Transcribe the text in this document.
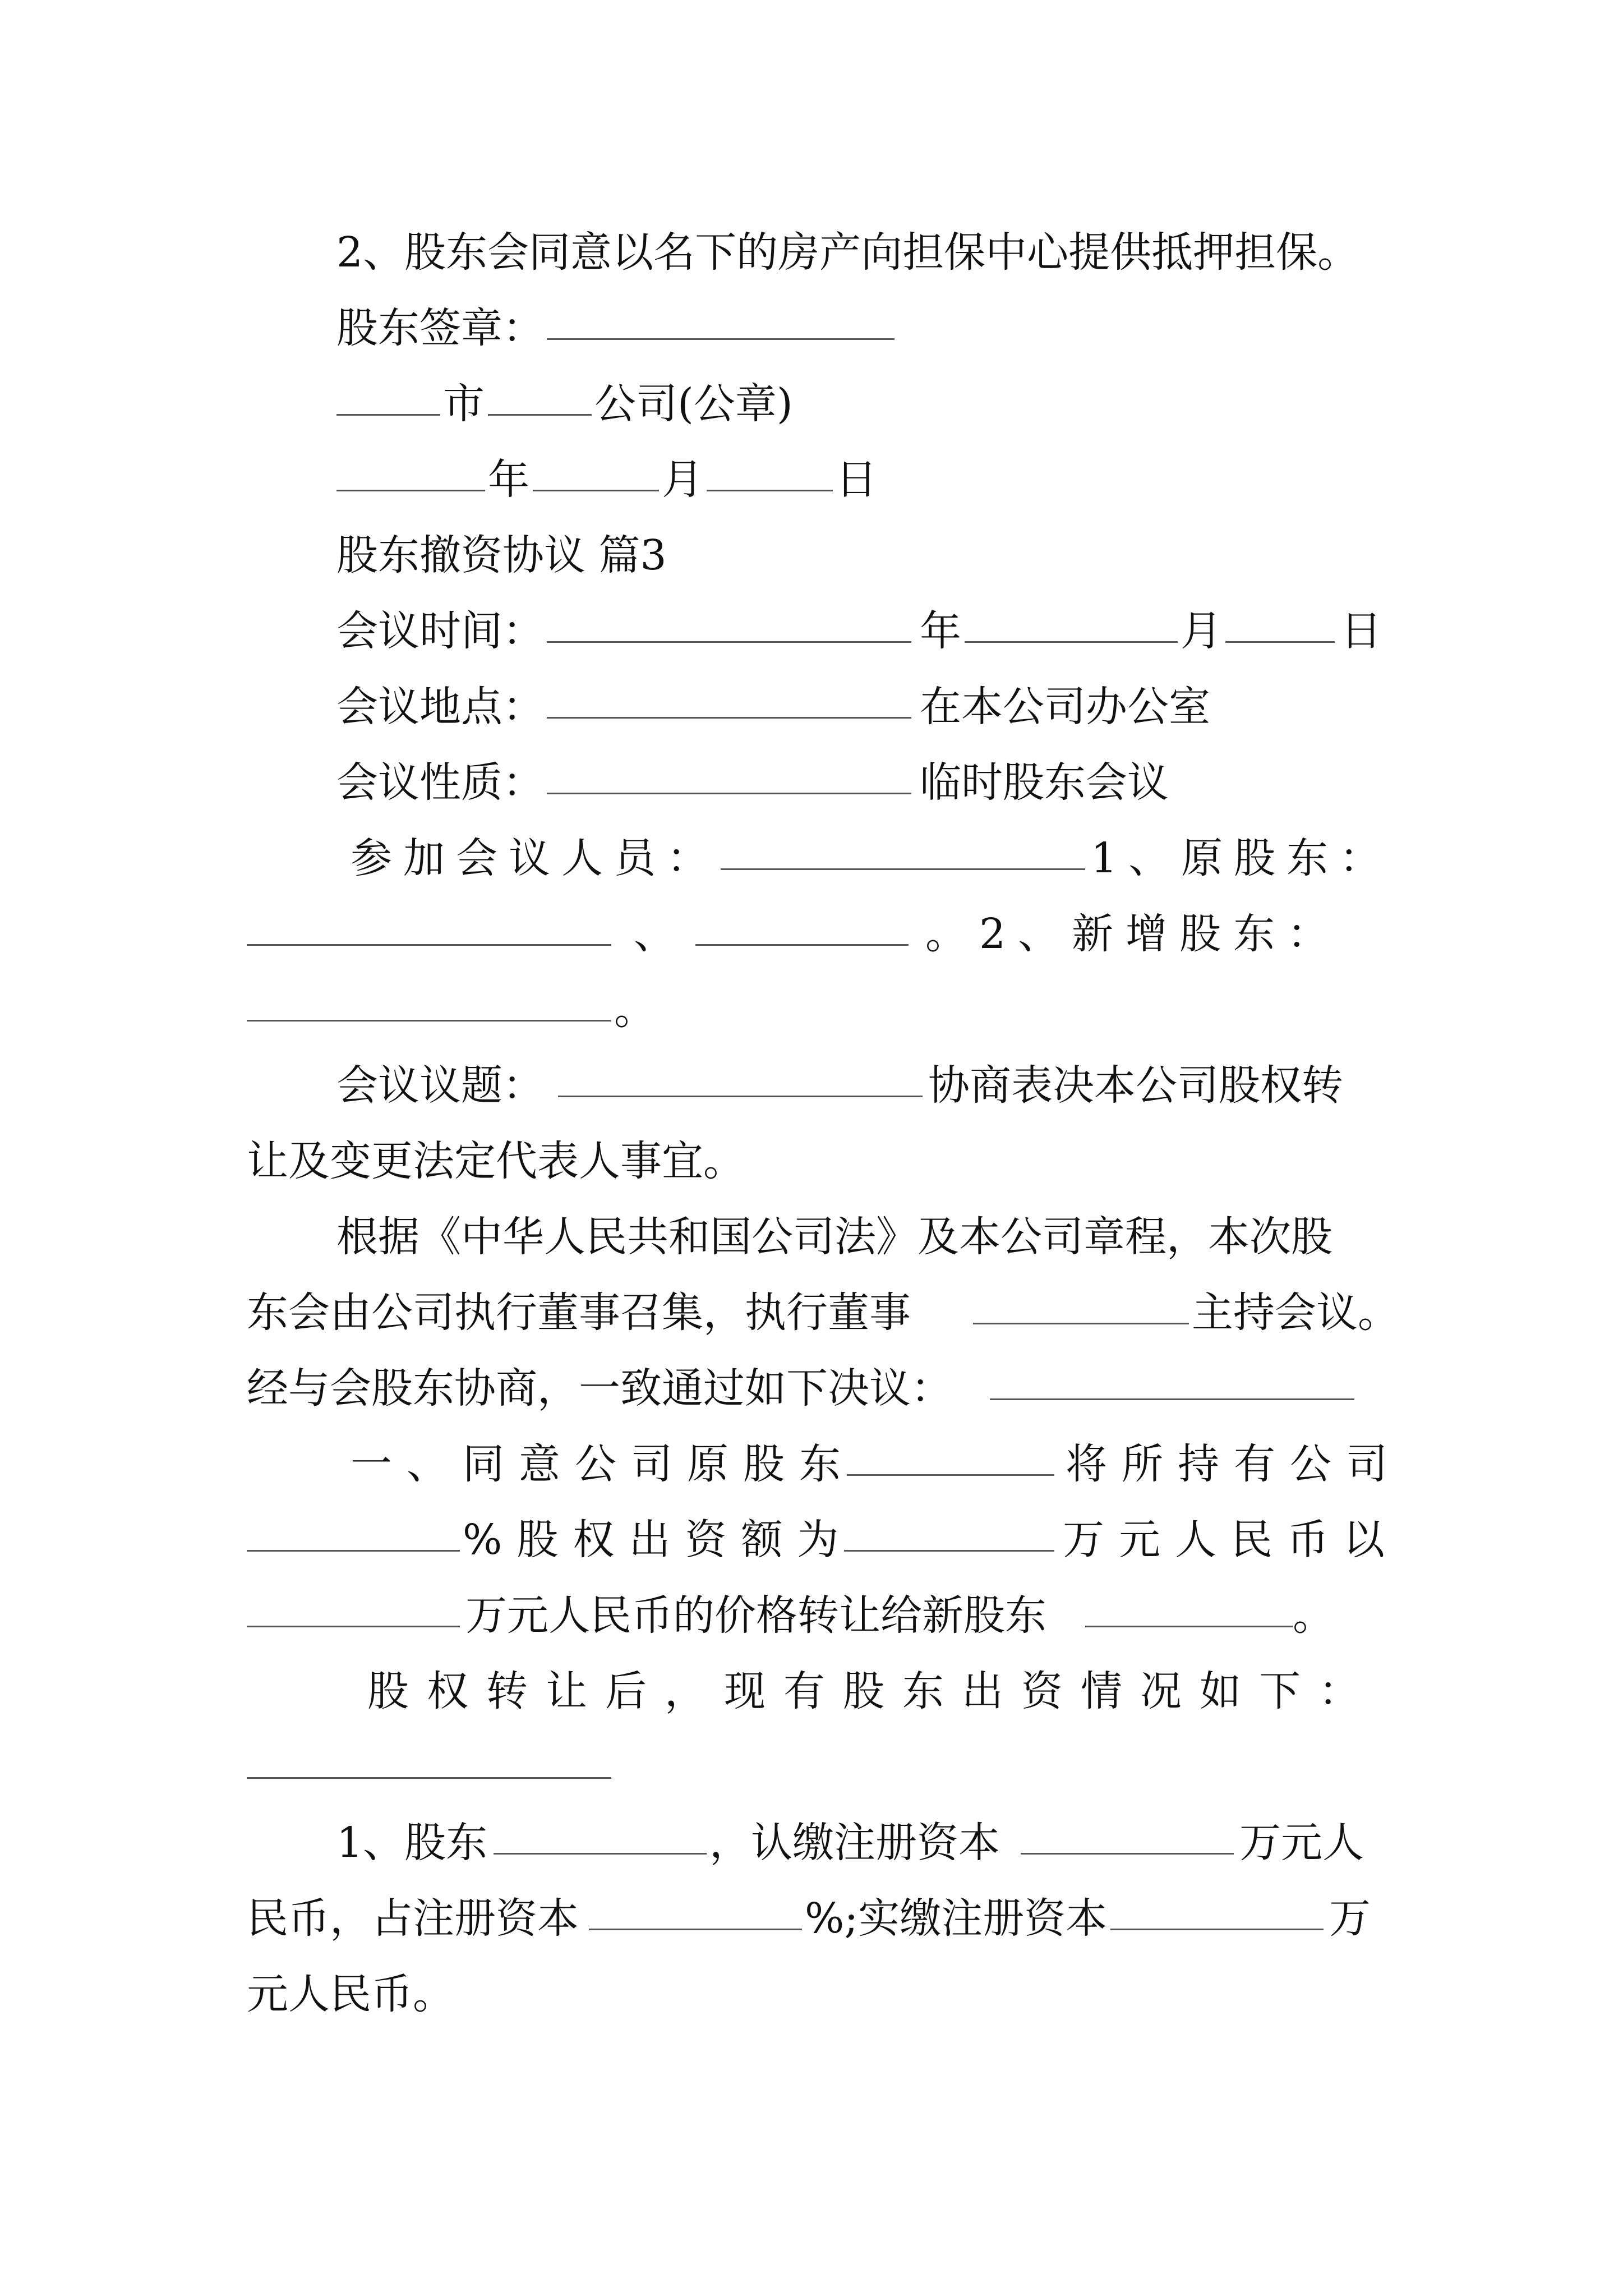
2、股东会同意以名下的房产向担保中心提供抵押担保。
股东签章：
市	公司(公章)
年	月	日
股东撤资协议 篇3
会议时间：	年	月	日
会议地点：	在本公司办公室
会议性质：	临时股东会议
参加会议人员：	1、原股东：
、	。2、新增股东：
。
会议议题：	协商表决本公司股权转
让及变更法定代表人事宜。
根据《中华人民共和国公司法》及本公司章程，本次股
东会由公司执行董事召集，执行董事	主持会议。
经与会股东协商，一致通过如下决议：
一、同意公司原股东	将所持有公司
%股权出资额为	万元人民币以
万元人民币的价格转让给新股东	。
股权转让后，现有股东出资情况如下：
1、股东	，认缴注册资本	万元人
民币，占注册资本	%;实缴注册资本	万
元人民币。
